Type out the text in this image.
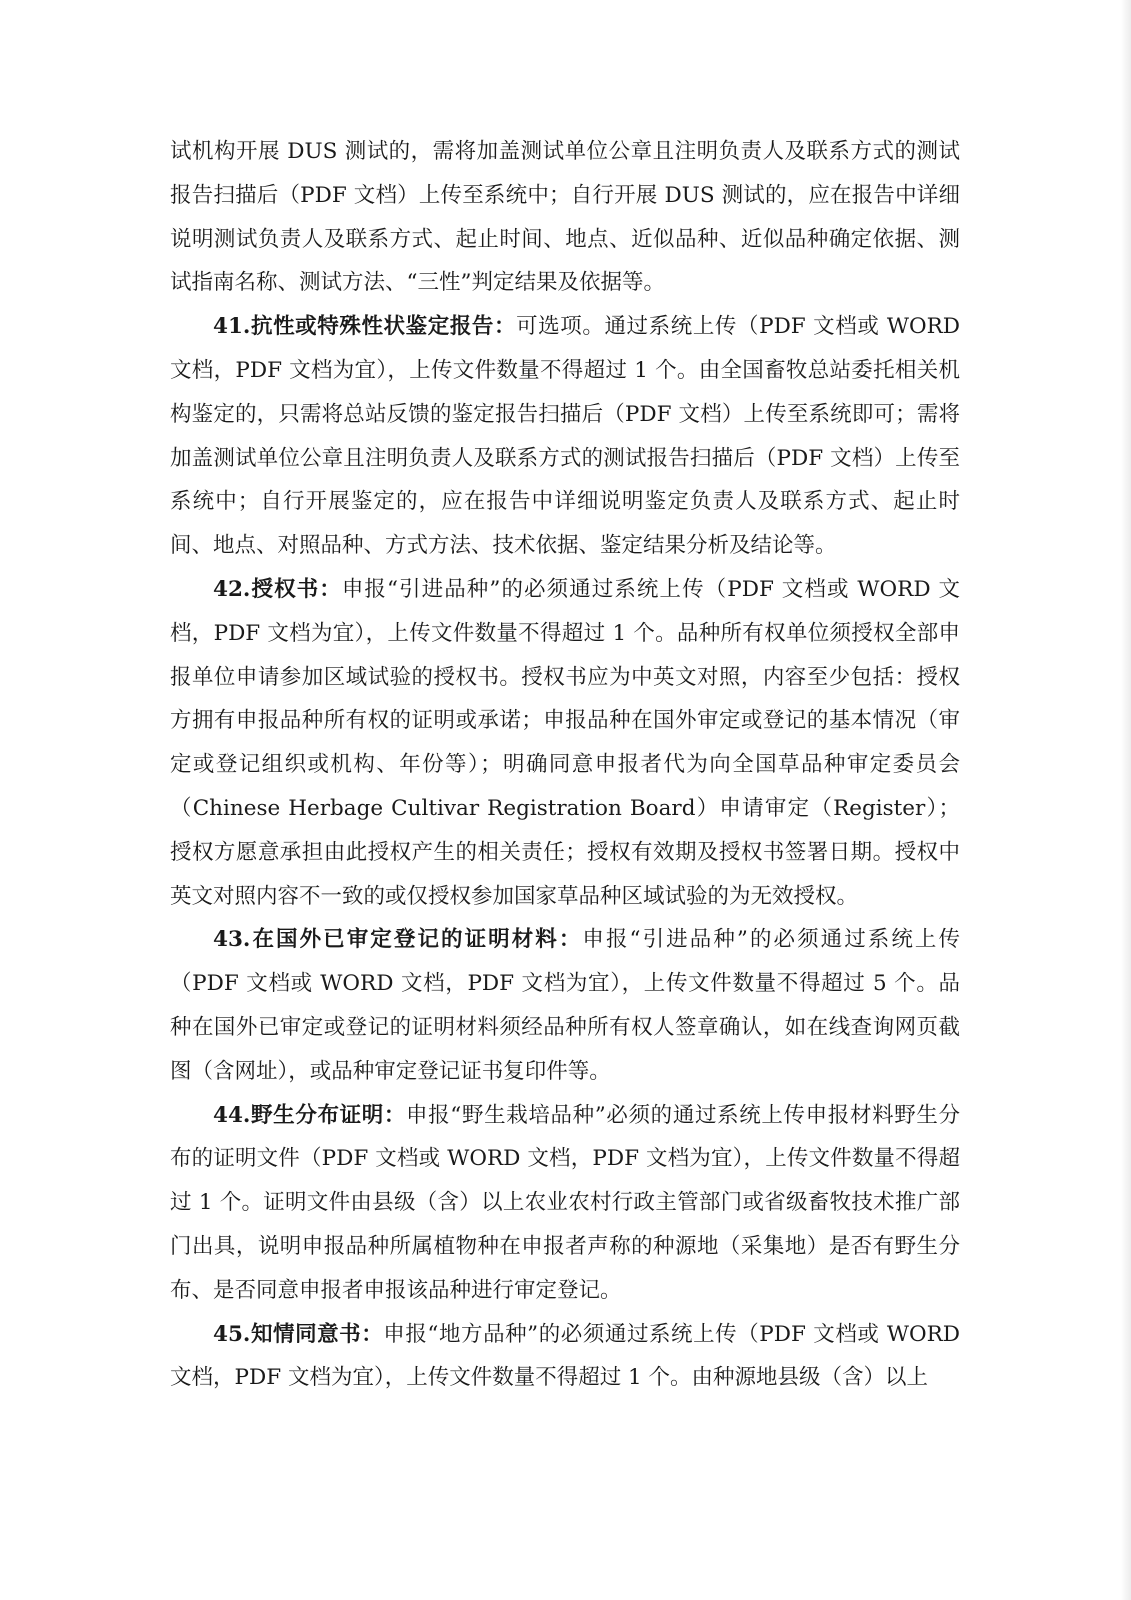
试机构开展 DUS 测试的，需将加盖测试单位公章且注明负责人及联系方式的测试报告扫描后（PDF 文档）上传至系统中；自行开展 DUS 测试的，应在报告中详细说明测试负责人及联系方式、起止时间、地点、近似品种、近似品种确定依据、测试指南名称、测试方法、“三性”判定结果及依据等。

41.抗性或特殊性状鉴定报告：可选项。通过系统上传（PDF 文档或 WORD 文档，PDF 文档为宜），上传文件数量不得超过 1 个。由全国畜牧总站委托相关机构鉴定的，只需将总站反馈的鉴定报告扫描后（PDF 文档）上传至系统即可；需将加盖测试单位公章且注明负责人及联系方式的测试报告扫描后（PDF 文档）上传至系统中；自行开展鉴定的，应在报告中详细说明鉴定负责人及联系方式、起止时间、地点、对照品种、方式方法、技术依据、鉴定结果分析及结论等。

42.授权书：申报“引进品种”的必须通过系统上传（PDF 文档或 WORD 文档，PDF 文档为宜），上传文件数量不得超过 1 个。品种所有权单位须授权全部申报单位申请参加区域试验的授权书。授权书应为中英文对照，内容至少包括：授权方拥有申报品种所有权的证明或承诺；申报品种在国外审定或登记的基本情况（审定或登记组织或机构、年份等）；明确同意申报者代为向全国草品种审定委员会（Chinese Herbage Cultivar Registration Board）申请审定（Register）；授权方愿意承担由此授权产生的相关责任；授权有效期及授权书签署日期。授权中英文对照内容不一致的或仅授权参加国家草品种区域试验的为无效授权。

43.在国外已审定登记的证明材料：申报“引进品种”的必须通过系统上传（PDF 文档或 WORD 文档，PDF 文档为宜），上传文件数量不得超过 5 个。品种在国外已审定或登记的证明材料须经品种所有权人签章确认，如在线查询网页截图（含网址），或品种审定登记证书复印件等。

44.野生分布证明：申报“野生栽培品种”必须的通过系统上传申报材料野生分布的证明文件（PDF 文档或 WORD 文档，PDF 文档为宜），上传文件数量不得超过 1 个。证明文件由县级（含）以上农业农村行政主管部门或省级畜牧技术推广部门出具，说明申报品种所属植物种在申报者声称的种源地（采集地）是否有野生分布、是否同意申报者申报该品种进行审定登记。

45.知情同意书：申报“地方品种”的必须通过系统上传（PDF 文档或 WORD 文档，PDF 文档为宜），上传文件数量不得超过 1 个。由种源地县级（含）以上
